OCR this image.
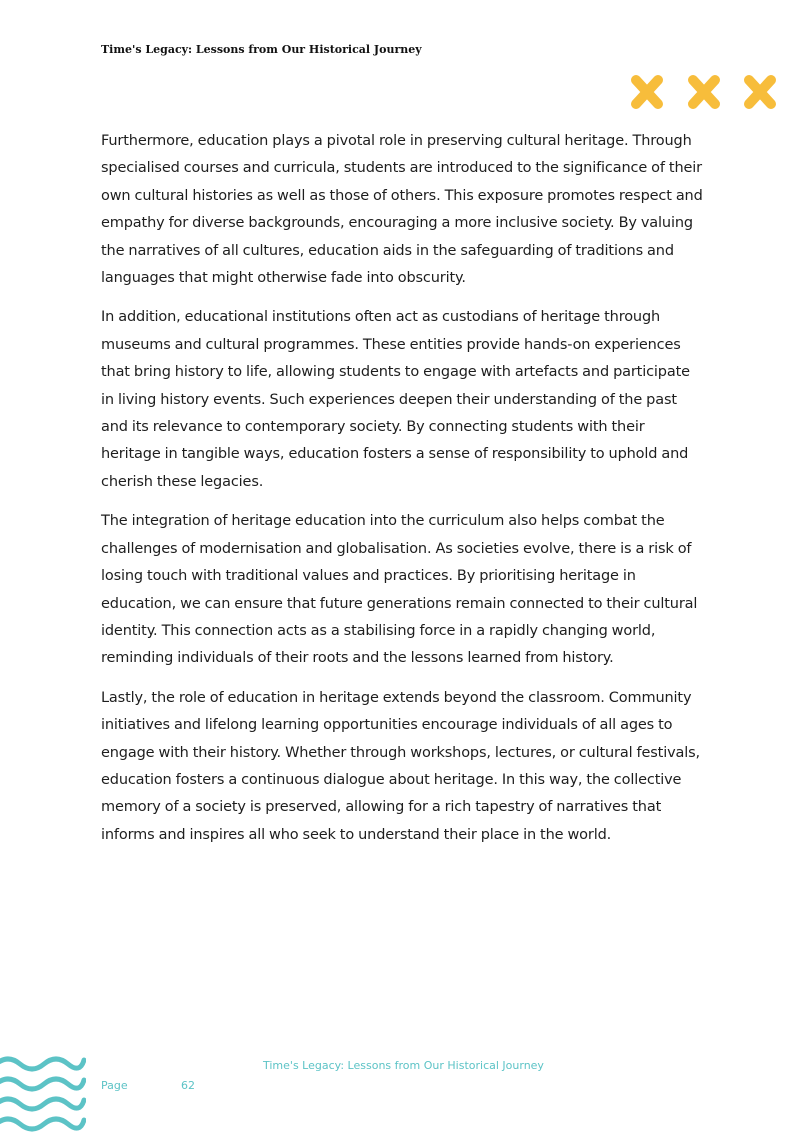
Time's Legacy: Lessons from Our Historical Journey

Furthermore, education plays a pivotal role in preserving cultural heritage. Through specialised courses and curricula, students are introduced to the significance of their own cultural histories as well as those of others. This exposure promotes respect and empathy for diverse backgrounds, encouraging a more inclusive society. By valuing the narratives of all cultures, education aids in the safeguarding of traditions and languages that might otherwise fade into obscurity.

In addition, educational institutions often act as custodians of heritage through museums and cultural programmes. These entities provide hands-on experiences that bring history to life, allowing students to engage with artefacts and participate in living history events. Such experiences deepen their understanding of the past and its relevance to contemporary society. By connecting students with their heritage in tangible ways, education fosters a sense of responsibility to uphold and cherish these legacies.

The integration of heritage education into the curriculum also helps combat the challenges of modernisation and globalisation. As societies evolve, there is a risk of losing touch with traditional values and practices. By prioritising heritage in education, we can ensure that future generations remain connected to their cultural identity. This connection acts as a stabilising force in a rapidly changing world, reminding individuals of their roots and the lessons learned from history.

Lastly, the role of education in heritage extends beyond the classroom. Community initiatives and lifelong learning opportunities encourage individuals of all ages to engage with their history. Whether through workshops, lectures, or cultural festivals, education fosters a continuous dialogue about heritage. In this way, the collective memory of a society is preserved, allowing for a rich tapestry of narratives that informs and inspires all who seek to understand their place in the world.

Time's Legacy: Lessons from Our Historical Journey
Page	62
